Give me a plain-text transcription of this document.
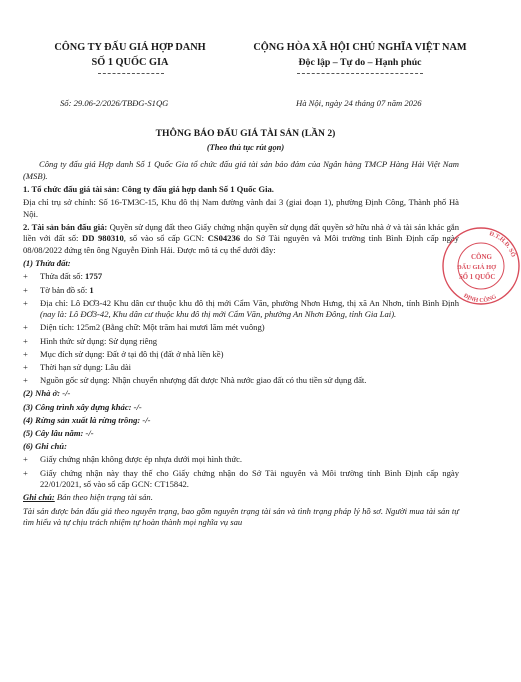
CÔNG TY ĐẤU GIÁ HỢP DANH
SỐ 1 QUỐC GIA
CỘNG HÒA XÃ HỘI CHỦ NGHĨA VIỆT NAM
Độc lập – Tự do – Hạnh phúc
Số: 29.06-2/2026/TBĐG-S1QG	Hà Nội, ngày 24 tháng 07 năm 2026
THÔNG BÁO ĐẤU GIÁ TÀI SẢN (LẦN 2)
(Theo thủ tục rút gọn)

Công ty đấu giá Hợp danh Số 1 Quốc Gia tổ chức đấu giá tài sản bảo đảm của Ngân hàng TMCP Hàng Hải Việt Nam (MSB).

1. Tổ chức đấu giá tài sản: Công ty đấu giá hợp danh Số 1 Quốc Gia.

Địa chỉ trụ sở chính: Số 16-TM3C-15, Khu đô thị Nam đường vành đai 3 (giai đoạn 1), phường Định Công, Thành phố Hà Nội.

2. Tài sản bán đấu giá: Quyền sử dụng đất theo Giấy chứng nhận quyền sử dụng đất quyền sở hữu nhà ở và tài sản khác gắn liền với đất số: DD 980310, số vào sổ cấp GCN: CS04236 do Sở Tài nguyên và Môi trường tỉnh Bình Định cấp ngày 08/08/2022 đứng tên ông Nguyễn Đình Hải. Được mô tả cụ thể dưới đây:

(1) Thửa đất:

+ Thửa đất số: 1757

+ Tờ bản đồ số: 1

+ Địa chỉ: Lô ĐƠ3-42 Khu dân cư thuộc khu đô thị mới Cẩm Văn, phường Nhơn Hưng, thị xã An Nhơn, tỉnh Bình Định (nay là: Lô ĐƠ3-42, Khu dân cư thuộc khu đô thị mới Cẩm Văn, phường An Nhơn Đông, tỉnh Gia Lai).

+ Diện tích: 125m2 (Bằng chữ: Một trăm hai mươi lăm mét vuông)

+ Hình thức sử dụng: Sử dụng riêng

+ Mục đích sử dụng: Đất ở tại đô thị (đất ở nhà liền kề)

+ Thời hạn sử dụng: Lâu dài

+ Nguồn gốc sử dụng: Nhận chuyển nhượng đất được Nhà nước giao đất có thu tiền sử dụng đất.

(2) Nhà ở: -/-

(3) Công trình xây dựng khác: -/-

(4) Rừng sản xuất là rừng trồng: -/-

(5) Cây lâu năm: -/-

(6) Ghi chú:

+ Giấy chứng nhận không được ép nhựa dưới mọi hình thức.

+ Giấy chứng nhận này thay thế cho Giấy chứng nhận do Sở Tài nguyên và Môi trường tỉnh Bình Định cấp ngày 22/01/2021, số vào sổ cấp GCN: CT15842.

Ghi chú: Bán theo hiện trạng tài sản.

Tài sản được bán đấu giá theo nguyên trạng, bao gồm nguyên trạng tài sản và tình trạng pháp lý hồ sơ. Người mua tài sản tự tìm hiểu và tự chịu trách nhiệm tự hoàn thành mọi nghĩa vụ sau

Đ.T.H.Đ. SỐ
ĐỊNH CÔNG
CÔNG
ĐẤU GIÁ HỢ
SỐ 1 QUỐC
